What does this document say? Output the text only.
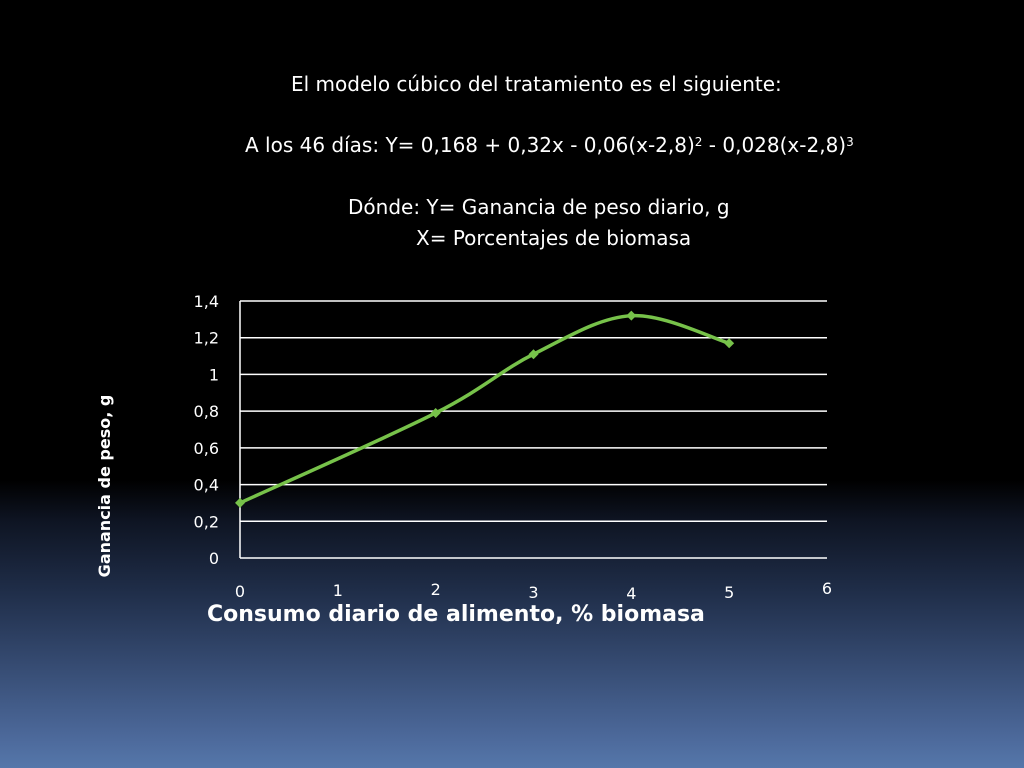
El modelo cúbico del tratamiento es el siguiente:
A los 46 días: $Y= 0,168 + 0,32x - 0,06(x-2,8)^2 - 0,028(x-2,8)^3$
Dónde: Y= Ganancia de peso diario, g
X= Porcentajes de biomasa
0
0,2
0,4
0,6
0,8
1
1,2
1,4
0	1	2	3	4	5	6
Consumo diario de alimento, % biomasa
Ganancia de peso, g
